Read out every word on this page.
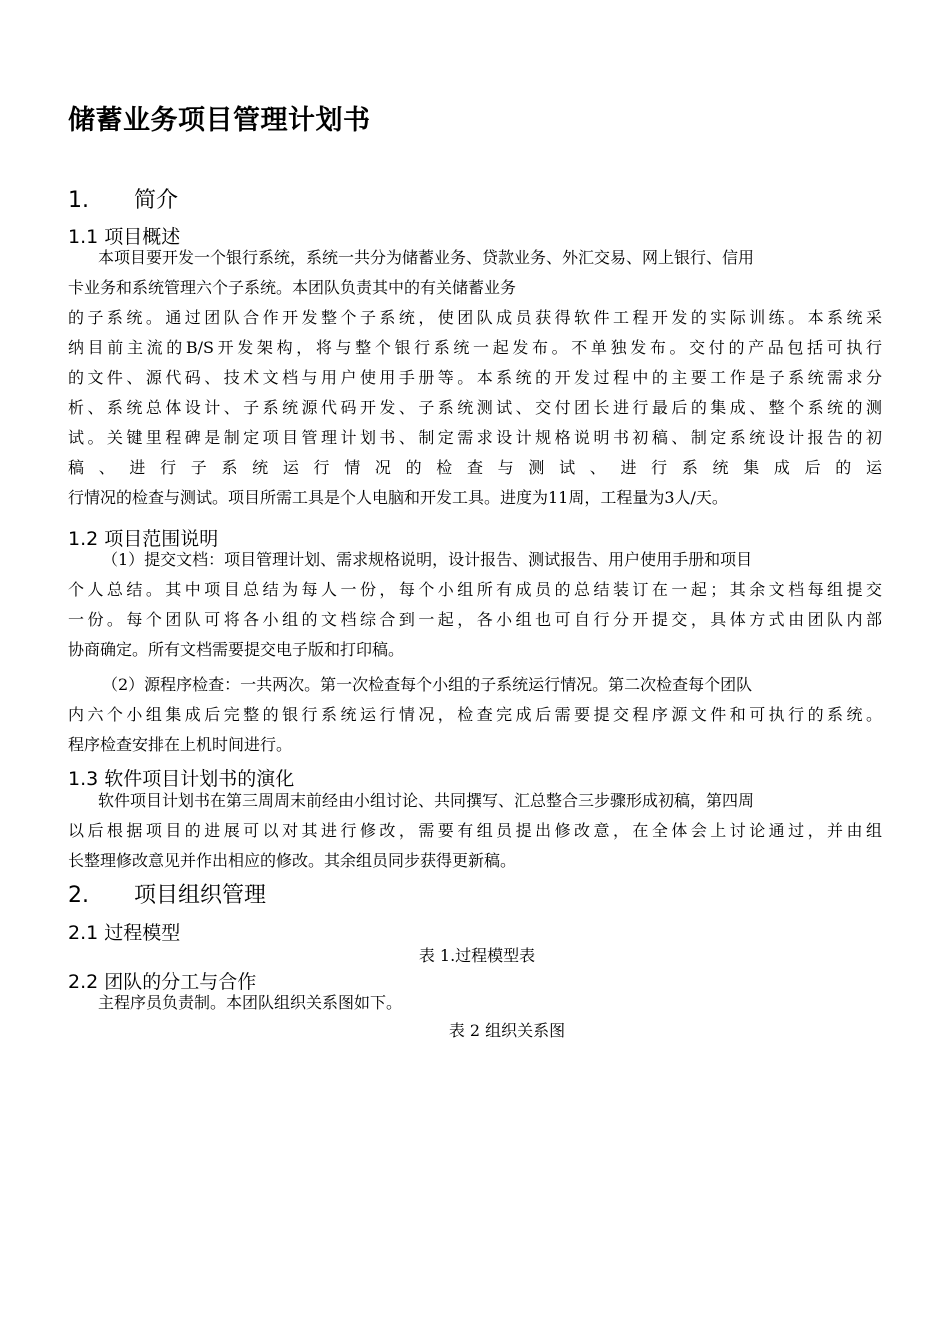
储蓄业务项目管理计划书
1. 简介
1.1 项目概述
本项目要开发一个银行系统，系统一共分为储蓄业务、贷款业务、外汇交易、网上银行、信用
卡业务和系统管理六个子系统。本团队负责其中的有关储蓄业务
的子系统。通过团队合作开发整个子系统，使团队成员获得软件工程开发的实际训练。本系统采
纳目前主流的B/S开发架构，将与整个银行系统一起发布。不单独发布。交付的产品包括可执行
的文件、源代码、技术文档与用户使用手册等。本系统的开发过程中的主要工作是子系统需求分
析、系统总体设计、子系统源代码开发、子系统测试、交付团长进行最后的集成、整个系统的测
试。关键里程碑是制定项目管理计划书、制定需求设计规格说明书初稿、制定系统设计报告的初
稿 、 进 行 子 系 统 运 行 情 况 的 检 查 与 测 试 、 进 行 系 统 集 成 后 的 运
行情况的检查与测试。项目所需工具是个人电脑和开发工具。进度为11周，工程量为3人/天。
1.2 项目范围说明
（1）提交文档：项目管理计划、需求规格说明，设计报告、测试报告、用户使用手册和项目
个人总结。其中项目总结为每人一份，每个小组所有成员的总结装订在一起；其余文档每组提交
一份。每个团队可将各小组的文档综合到一起，各小组也可自行分开提交，具体方式由团队内部
协商确定。所有文档需要提交电子版和打印稿。
（2）源程序检查：一共两次。第一次检查每个小组的子系统运行情况。第二次检查每个团队
内六个小组集成后完整的银行系统运行情况，检查完成后需要提交程序源文件和可执行的系统。
程序检查安排在上机时间进行。
1.3 软件项目计划书的演化
软件项目计划书在第三周周末前经由小组讨论、共同撰写、汇总整合三步骤形成初稿，第四周
以后根据项目的进展可以对其进行修改，需要有组员提出修改意，在全体会上讨论通过，并由组
长整理修改意见并作出相应的修改。其余组员同步获得更新稿。
2. 项目组织管理
2.1 过程模型
表 1.过程模型表
2.2 团队的分工与合作
主程序员负责制。本团队组织关系图如下。
表 2 组织关系图
